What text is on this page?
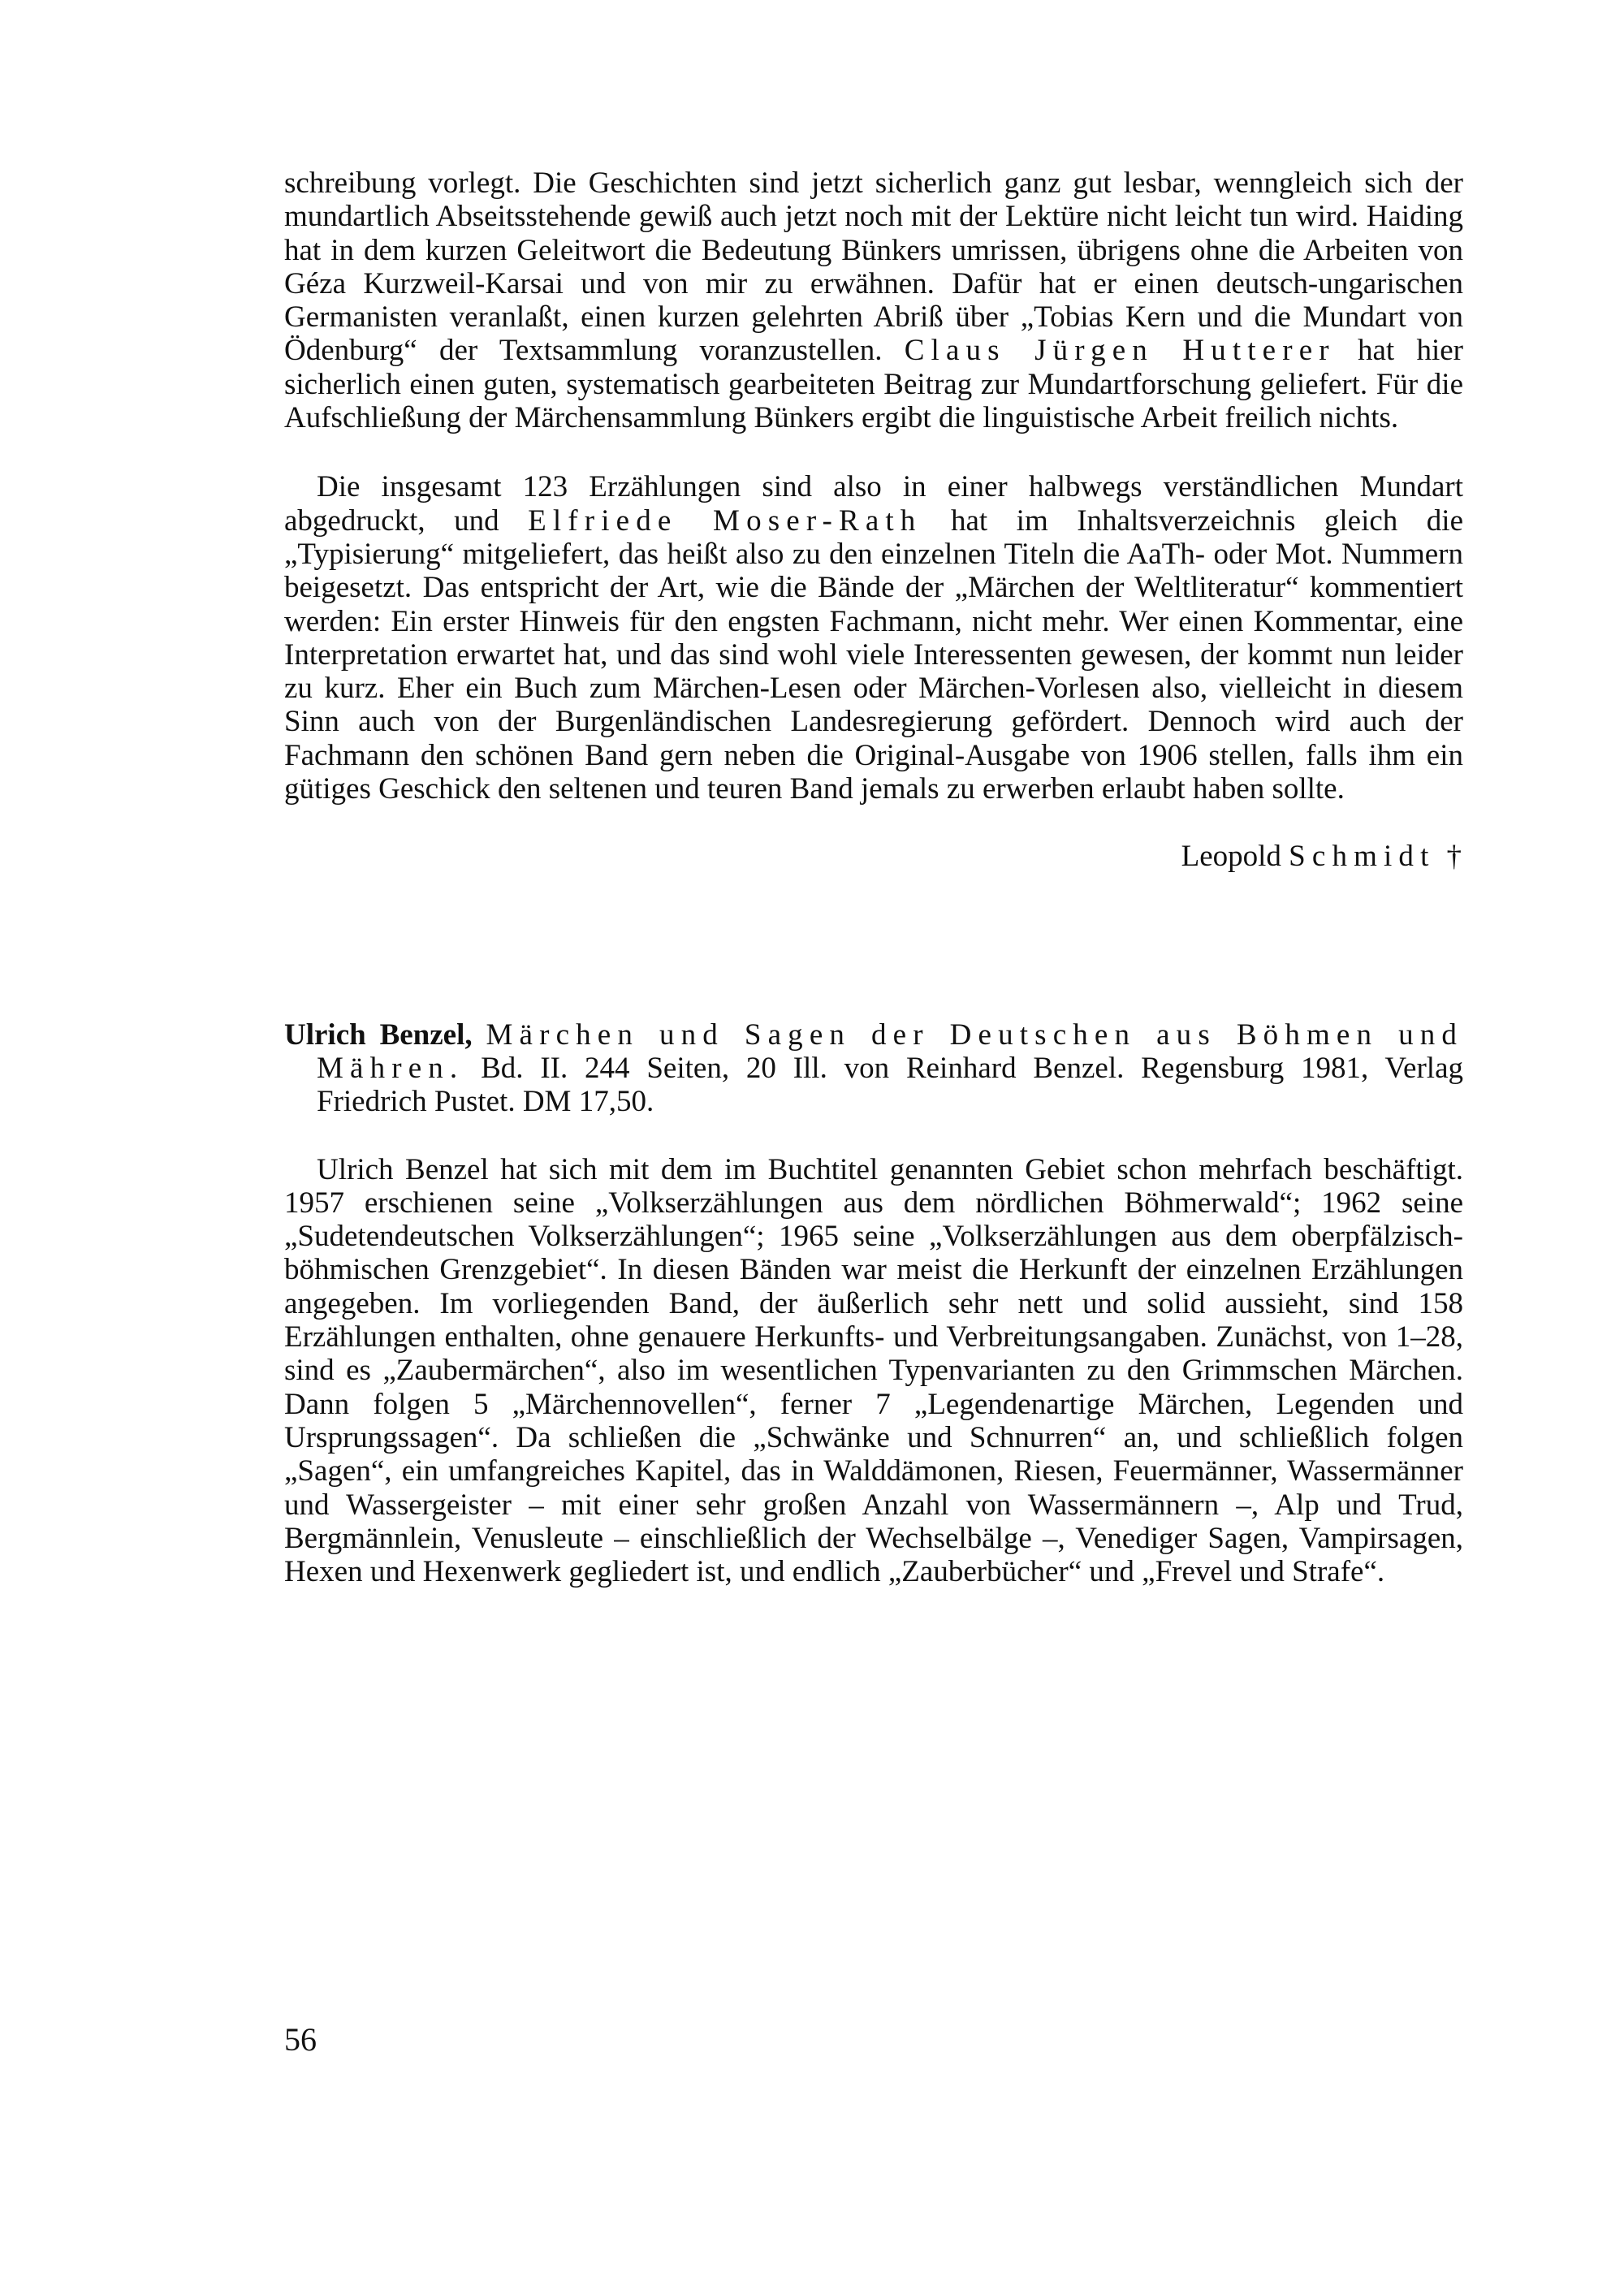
schreibung vorlegt. Die Geschichten sind jetzt sicherlich ganz gut lesbar, wenngleich sich der mundartlich Abseitsstehende gewiß auch jetzt noch mit der Lektüre nicht leicht tun wird. Haiding hat in dem kurzen Geleitwort die Bedeutung Bünkers umrissen, übrigens ohne die Arbeiten von Géza Kurzweil-Karsai und von mir zu erwähnen. Dafür hat er einen deutsch-ungarischen Germanisten veranlaßt, einen kurzen gelehrten Abriß über „Tobias Kern und die Mundart von Ödenburg“ der Textsammlung voranzustellen. Claus Jürgen Hutterer hat hier sicherlich einen guten, systematisch gearbeiteten Beitrag zur Mundartforschung geliefert. Für die Aufschließung der Märchensammlung Bünkers ergibt die linguistische Arbeit freilich nichts.

Die insgesamt 123 Erzählungen sind also in einer halbwegs verständlichen Mundart abgedruckt, und Elfriede Moser-Rath hat im Inhaltsverzeichnis gleich die „Typisierung“ mitgeliefert, das heißt also zu den einzelnen Titeln die AaTh- oder Mot. Nummern beigesetzt. Das entspricht der Art, wie die Bände der „Märchen der Weltliteratur“ kommentiert werden: Ein erster Hinweis für den engsten Fachmann, nicht mehr. Wer einen Kommentar, eine Interpretation erwartet hat, und das sind wohl viele Interessenten gewesen, der kommt nun leider zu kurz. Eher ein Buch zum Märchen-Lesen oder Märchen-Vorlesen also, vielleicht in diesem Sinn auch von der Burgenländischen Landesregierung gefördert. Dennoch wird auch der Fachmann den schönen Band gern neben die Original-Ausgabe von 1906 stellen, falls ihm ein gütiges Geschick den seltenen und teuren Band jemals zu erwerben erlaubt haben sollte.

Leopold Schmidt †
Ulrich Benzel, Märchen und Sagen der Deutschen aus Böhmen und Mähren. Bd. II. 244 Seiten, 20 Ill. von Reinhard Benzel. Regensburg 1981, Verlag Friedrich Pustet. DM 17,50.

Ulrich Benzel hat sich mit dem im Buchtitel genannten Gebiet schon mehrfach beschäftigt. 1957 erschienen seine „Volkserzählungen aus dem nördlichen Böhmerwald“; 1962 seine „Sudetendeutschen Volkserzählungen“; 1965 seine „Volkserzählungen aus dem oberpfälzisch-böhmischen Grenzgebiet“. In diesen Bänden war meist die Herkunft der einzelnen Erzählungen angegeben. Im vorliegenden Band, der äußerlich sehr nett und solid aussieht, sind 158 Erzählungen enthalten, ohne genauere Herkunfts- und Verbreitungsangaben. Zunächst, von 1–28, sind es „Zaubermärchen“, also im wesentlichen Typenvarianten zu den Grimmschen Märchen. Dann folgen 5 „Märchennovellen“, ferner 7 „Legendenartige Märchen, Legenden und Ursprungssagen“. Da schließen die „Schwänke und Schnurren“ an, und schließlich folgen „Sagen“, ein umfangreiches Kapitel, das in Walddämonen, Riesen, Feuermänner, Wassermänner und Wassergeister – mit einer sehr großen Anzahl von Wassermännern –, Alp und Trud, Bergmännlein, Venusleute – einschließlich der Wechselbälge –, Venediger Sagen, Vampirsagen, Hexen und Hexenwerk gegliedert ist, und endlich „Zauberbücher“ und „Frevel und Strafe“.

56
